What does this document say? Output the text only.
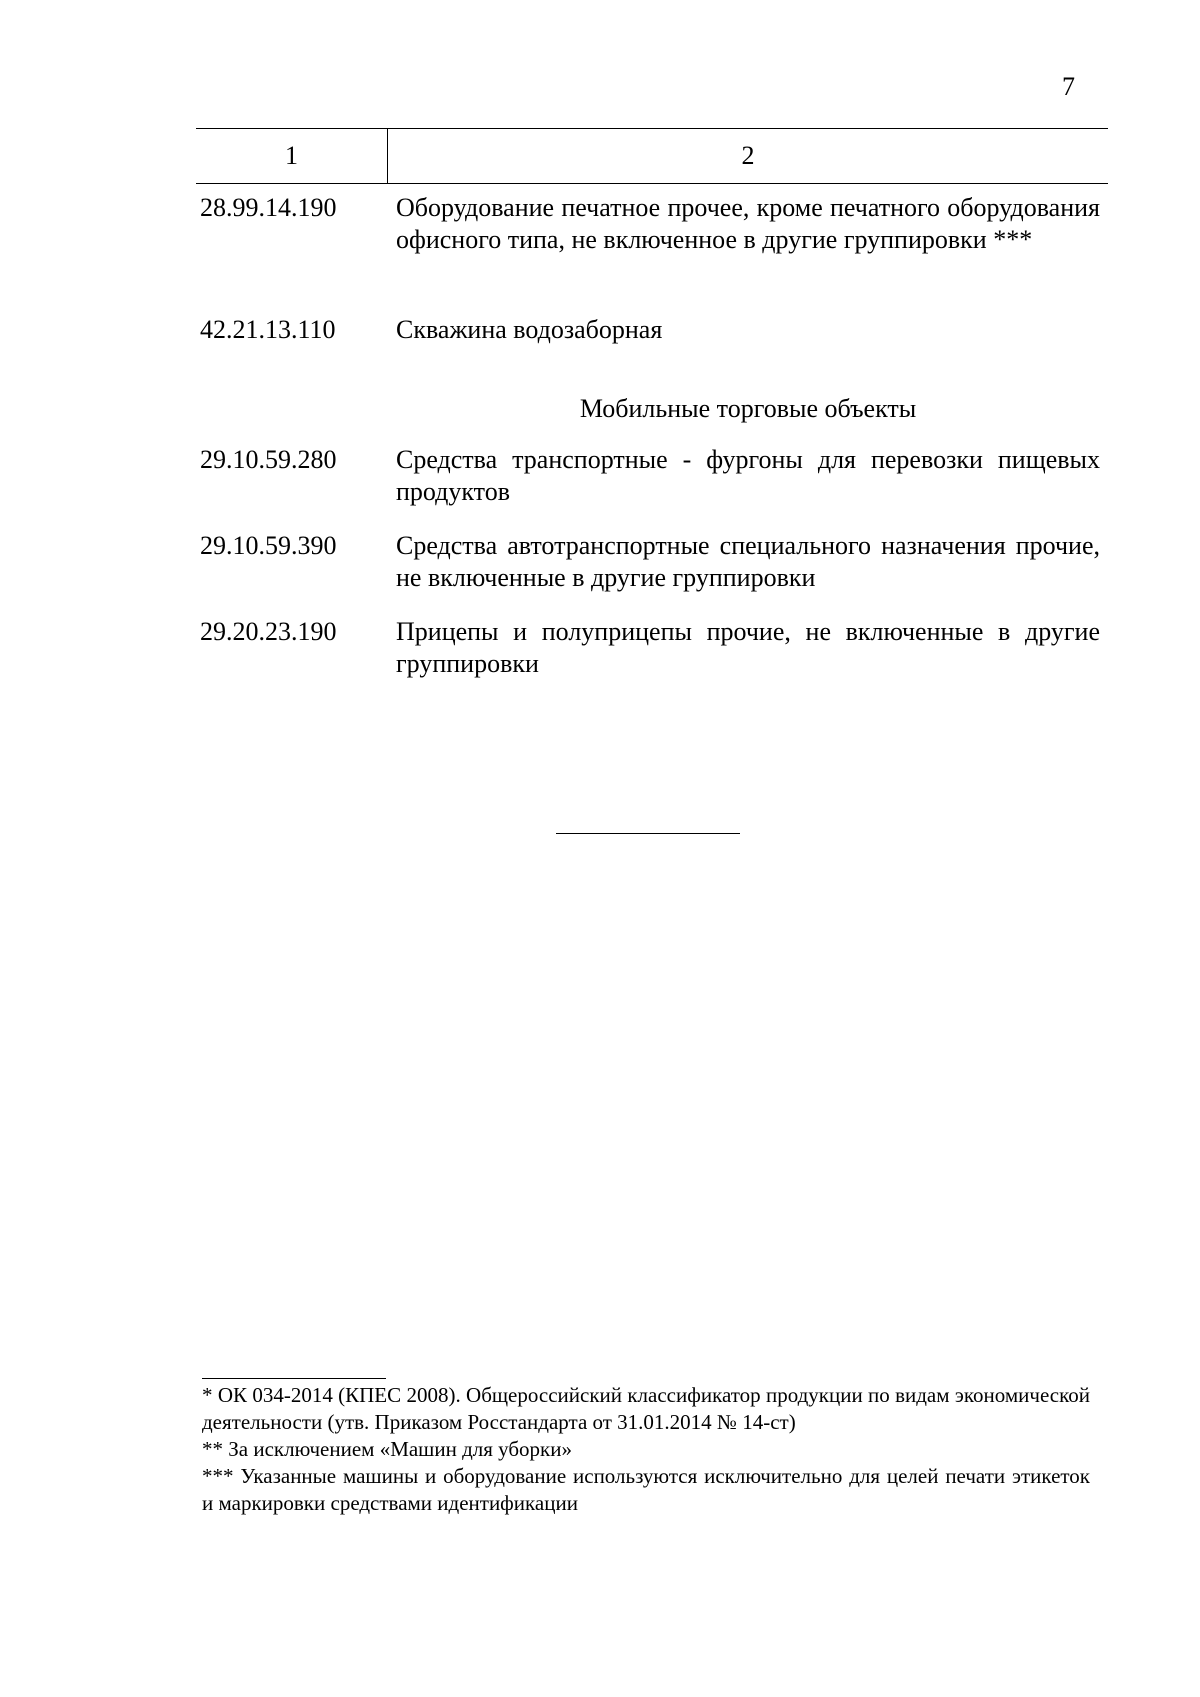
7
1	2
28.99.14.190 Оборудование печатное прочее, кроме печатного оборудования офисного типа, не включенное в другие группировки ***
42.21.13.110 Скважина водозаборная
Мобильные торговые объекты
29.10.59.280 Средства транспортные - фургоны для перевозки пищевых продуктов
29.10.59.390 Средства автотранспортные специального назначения прочие, не включенные в другие группировки
29.20.23.190 Прицепы и полуприцепы прочие, не включенные в другие группировки

* ОК 034-2014 (КПЕС 2008). Общероссийский классификатор продукции по видам экономической деятельности (утв. Приказом Росстандарта от 31.01.2014 № 14-ст)

** За исключением «Машин для уборки»

*** Указанные машины и оборудование используются исключительно для целей печати этикеток и маркировки средствами идентификации
